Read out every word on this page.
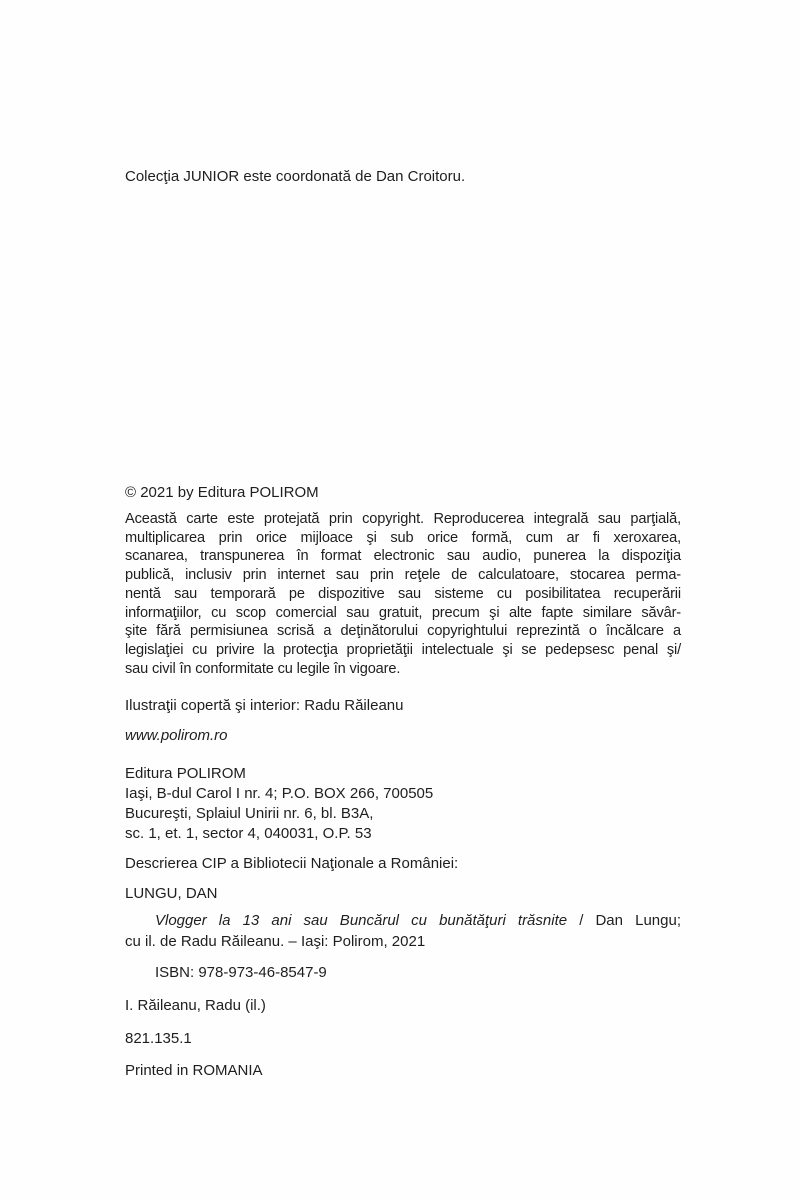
Colecţia JUNIOR este coordonată de Dan Croitoru.
© 2021 by Editura POLIROM
Această carte este protejată prin copyright. Reproducerea integrală sau parţială,
multiplicarea prin orice mijloace şi sub orice formă, cum ar fi xeroxarea,
scanarea, transpunerea în format electronic sau audio, punerea la dispoziţia
publică, inclusiv prin internet sau prin reţele de calculatoare, stocarea perma-
nentă sau temporară pe dispozitive sau sisteme cu posibilitatea recuperării
informaţiilor, cu scop comercial sau gratuit, precum şi alte fapte similare săvâr-
şite fără permisiunea scrisă a deţinătorului copyrightului reprezintă o încălcare a
legislaţiei cu privire la protecţia proprietăţii intelectuale şi se pedepsesc penal şi/
sau civil în conformitate cu legile în vigoare.
Ilustraţii copertă şi interior: Radu Răileanu
www.polirom.ro
Editura POLIROM
Iaşi, B-dul Carol I nr. 4; P.O. BOX 266, 700505
Bucureşti, Splaiul Unirii nr. 6, bl. B3A,
sc. 1, et. 1, sector 4, 040031, O.P. 53
Descrierea CIP a Bibliotecii Naţionale a României:
LUNGU, DAN
Vlogger la 13 ani sau Buncărul cu bunătăţuri trăsnite / Dan Lungu;
cu il. de Radu Răileanu. – Iaşi: Polirom, 2021
ISBN: 978-973-46-8547-9
I. Răileanu, Radu (il.)
821.135.1
Printed in ROMANIA
